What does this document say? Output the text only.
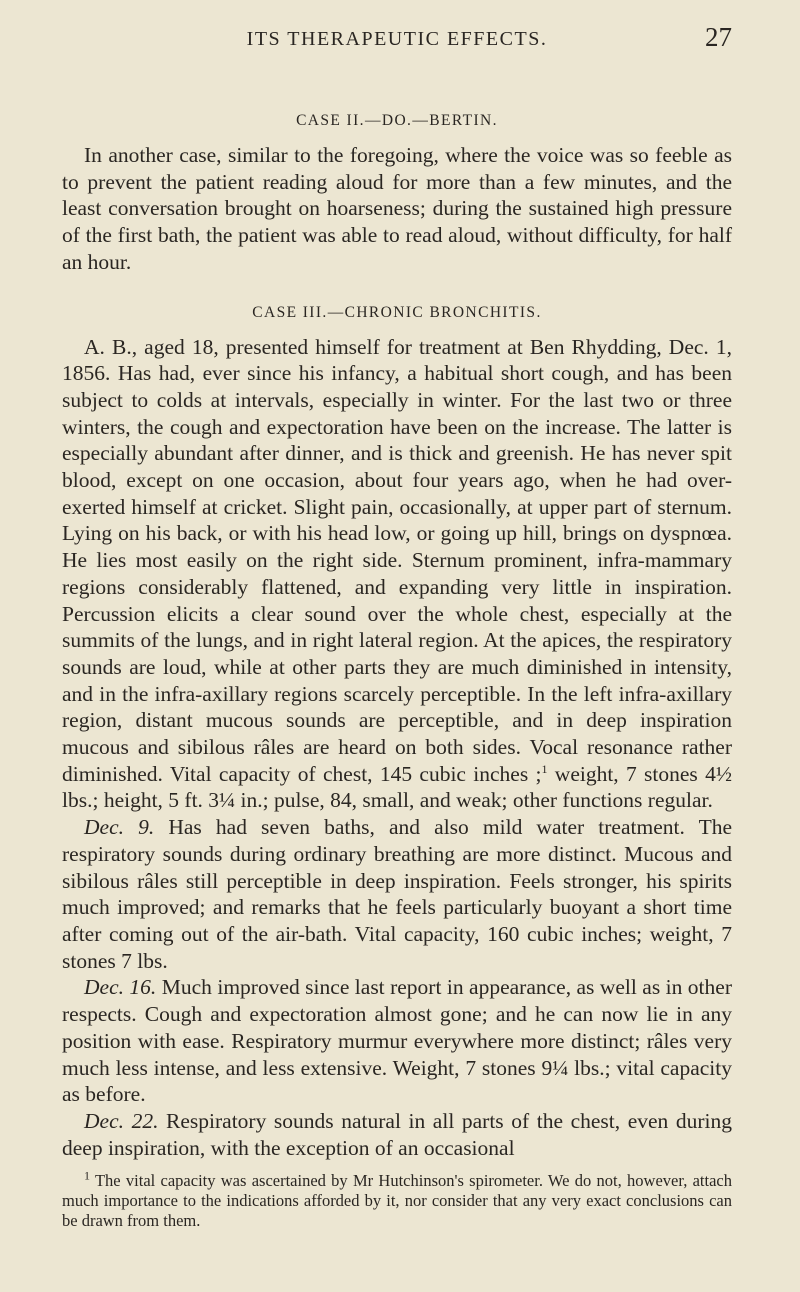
ITS THERAPEUTIC EFFECTS.	27
CASE II.—DO.—BERTIN.

In another case, similar to the foregoing, where the voice was so feeble as to prevent the patient reading aloud for more than a few minutes, and the least conversation brought on hoarseness; during the sustained high pressure of the first bath, the patient was able to read aloud, without difficulty, for half an hour.

CASE III.—CHRONIC BRONCHITIS.

A. B., aged 18, presented himself for treatment at Ben Rhydding, Dec. 1, 1856. Has had, ever since his infancy, a habitual short cough, and has been subject to colds at intervals, especially in winter. For the last two or three winters, the cough and expectoration have been on the increase. The latter is especially abundant after dinner, and is thick and greenish. He has never spit blood, except on one occasion, about four years ago, when he had over-exerted himself at cricket. Slight pain, occasionally, at upper part of sternum. Lying on his back, or with his head low, or going up hill, brings on dyspnœa. He lies most easily on the right side. Sternum prominent, infra-mammary regions considerably flattened, and expanding very little in inspiration. Percussion elicits a clear sound over the whole chest, especially at the summits of the lungs, and in right lateral region. At the apices, the respiratory sounds are loud, while at other parts they are much diminished in intensity, and in the infra-axillary regions scarcely perceptible. In the left infra-axillary region, distant mucous sounds are perceptible, and in deep inspiration mucous and sibilous râles are heard on both sides. Vocal resonance rather diminished. Vital capacity of chest, 145 cubic inches ;$^1$ weight, 7 stones 4½ lbs.; height, 5 ft. 3¼ in.; pulse, 84, small, and weak; other functions regular.

Dec. 9. Has had seven baths, and also mild water treatment. The respiratory sounds during ordinary breathing are more distinct. Mucous and sibilous râles still perceptible in deep inspiration. Feels stronger, his spirits much improved; and remarks that he feels particularly buoyant a short time after coming out of the air-bath. Vital capacity, 160 cubic inches; weight, 7 stones 7 lbs.

Dec. 16. Much improved since last report in appearance, as well as in other respects. Cough and expectoration almost gone; and he can now lie in any position with ease. Respiratory murmur everywhere more distinct; râles very much less intense, and less extensive. Weight, 7 stones 9¼ lbs.; vital capacity as before.

Dec. 22. Respiratory sounds natural in all parts of the chest, even during deep inspiration, with the exception of an occasional

$^1$ The vital capacity was ascertained by Mr Hutchinson's spirometer. We do not, however, attach much importance to the indications afforded by it, nor consider that any very exact conclusions can be drawn from them.
